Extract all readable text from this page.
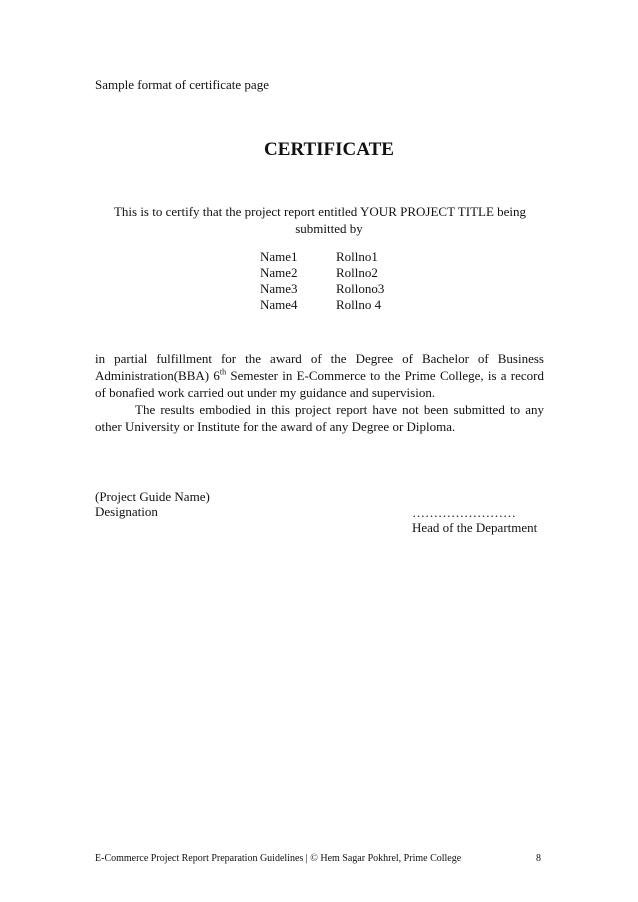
Sample format of certificate page
CERTIFICATE
This is to certify that the project report entitled YOUR PROJECT TITLE being
submitted by
Name1	Rollno1
Name2	Rollno2
Name3	Rollono3
Name4	Rollno 4

in partial fulfillment for the award of the Degree of Bachelor of Business Administration(BBA) 6th Semester in E-Commerce to the Prime College, is a record of bonafied work carried out under my guidance and supervision.

The results embodied in this project report have not been submitted to any other University or Institute for the award of any Degree or Diploma.

(Project Guide Name)
Designation	……………………
Head of the Department
E-Commerce Project Report Preparation Guidelines | © Hem Sagar Pokhrel, Prime College	8
